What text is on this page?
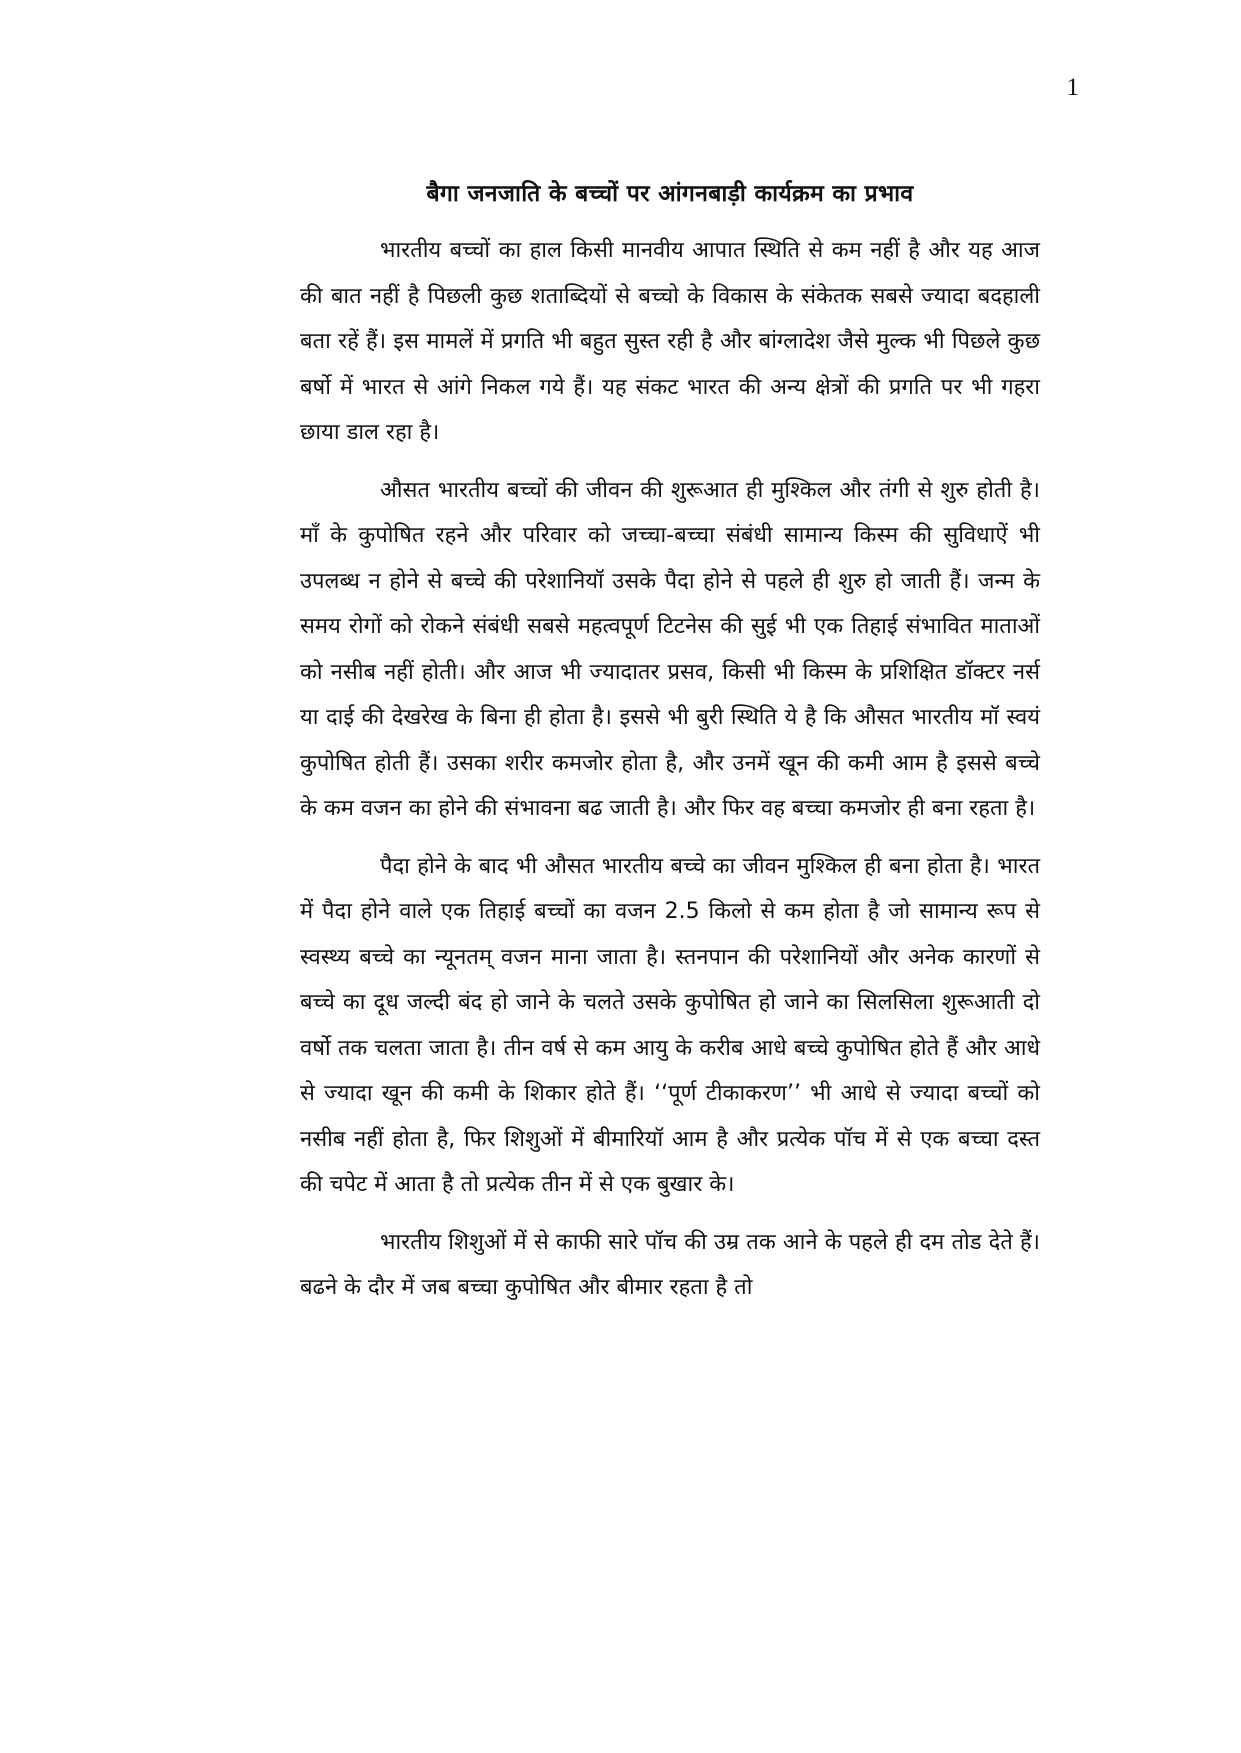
1
बैगा जनजाति के बच्चों पर आंगनबाड़ी कार्यक्रम का प्रभाव

भारतीय बच्चों का हाल किसी मानवीय आपात स्थिति से कम नहीं है और यह आज की बात नहीं है पिछली कुछ शताब्दियों से बच्चो के विकास के संकेतक सबसे ज्यादा बदहाली बता रहें हैं। इस मामलें में प्रगति भी बहुत सुस्त रही है और बांग्लादेश जैसे मुल्क भी पिछले कुछ बर्षो में भारत से आंगे निकल गये हैं। यह संकट भारत की अन्य क्षेत्रों की प्रगति पर भी गहरा छाया डाल रहा है।

औसत भारतीय बच्चों की जीवन की शुरूआत ही मुश्किल और तंगी से शुरु होती है। माँ के कुपोषित रहने और परिवार को जच्चा-बच्चा संबंधी सामान्य किस्म की सुविधाऐं भी उपलब्ध न होने से बच्चे की परेशानियॉ उसके पैदा होने से पहले ही शुरु हो जाती हैं। जन्म के समय रोगों को रोकने संबंधी सबसे महत्वपूर्ण टिटनेस की सुई भी एक तिहाई संभावित माताओं को नसीब नहीं होती। और आज भी ज्यादातर प्रसव, किसी भी किस्म के प्रशिक्षित डॉक्टर नर्स या दाई की देखरेख के बिना ही होता है। इससे भी बुरी स्थिति ये है कि औसत भारतीय मॉ स्वयं कुपोषित होती हैं। उसका शरीर कमजोर होता है, और उनमें खून की कमी आम है इससे बच्चे के कम वजन का होने की संभावना बढ जाती है। और फिर वह बच्चा कमजोर ही बना रहता है।

पैदा होने के बाद भी औसत भारतीय बच्चे का जीवन मुश्किल ही बना होता है। भारत में पैदा होने वाले एक तिहाई बच्चों का वजन 2.5 किलो से कम होता है जो सामान्य रूप से स्वस्थ्य बच्चे का न्यूनतम् वजन माना जाता है। स्तनपान की परेशानियों और अनेक कारणों से बच्चे का दूध जल्दी बंद हो जाने के चलते उसके कुपोषित हो जाने का सिलसिला शुरूआती दो वर्षो तक चलता जाता है। तीन वर्ष से कम आयु के करीब आधे बच्चे कुपोषित होते हैं और आधे से ज्यादा खून की कमी के शिकार होते हैं। ‘‘पूर्ण टीकाकरण’’ भी आधे से ज्यादा बच्चों को नसीब नहीं होता है, फिर शिशुओं में बीमारियॉ आम है और प्रत्येक पॉच में से एक बच्चा दस्त की चपेट में आता है तो प्रत्येक तीन में से एक बुखार के।

भारतीय शिशुओं में से काफी सारे पॉच की उम्र तक आने के पहले ही दम तोड देते हैं। बढने के दौर में जब बच्चा कुपोषित और बीमार रहता है तो
